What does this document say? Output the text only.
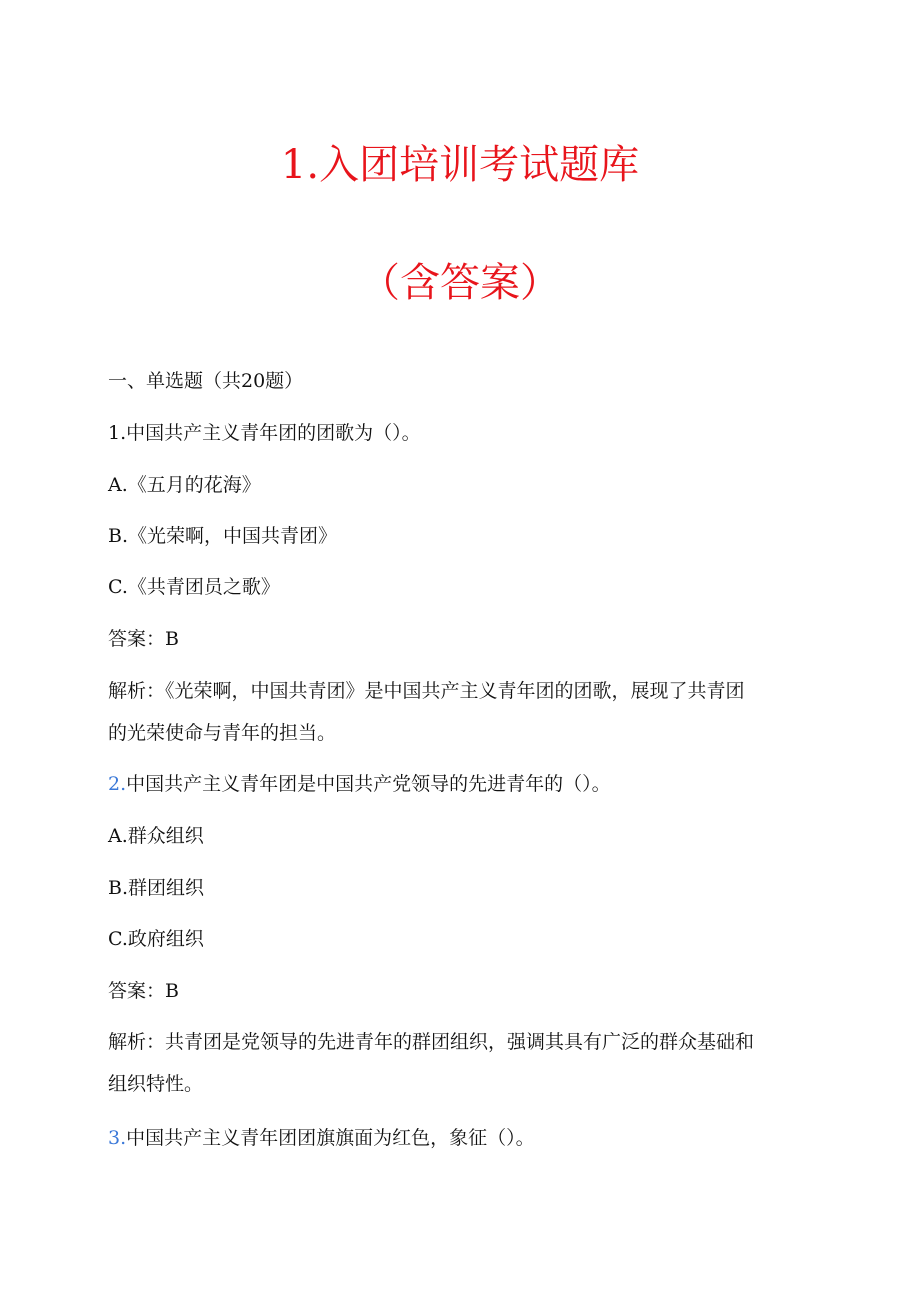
1.入团培训考试题库
（含答案）
一、单选题（共20题）
1.中国共产主义青年团的团歌为（）。
A.《五月的花海》
B.《光荣啊，中国共青团》
C.《共青团员之歌》
答案：B
解析：《光荣啊，中国共青团》是中国共产主义青年团的团歌，展现了共青团
的光荣使命与青年的担当。
2.中国共产主义青年团是中国共产党领导的先进青年的（）。
A.群众组织
B.群团组织
C.政府组织
答案：B
解析：共青团是党领导的先进青年的群团组织，强调其具有广泛的群众基础和
组织特性。
3.中国共产主义青年团团旗旗面为红色，象征（）。
